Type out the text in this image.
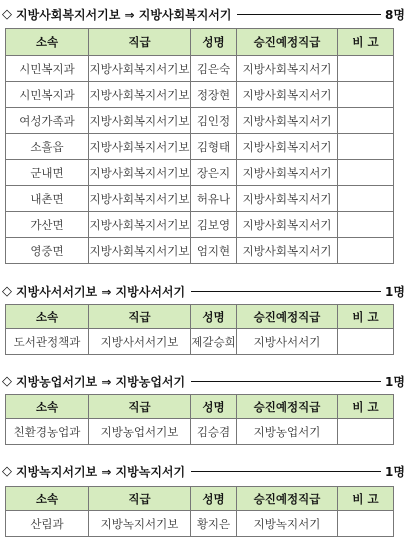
◇ 지방사회복지서기보 ⇒ 지방사회복지서기	8명
소속	직급	성명	승진예정직급	비 고
시민복지과	지방사회복지서기보	김은숙	지방사회복지서기	
시민복지과	지방사회복지서기보	정장현	지방사회복지서기	
여성가족과	지방사회복지서기보	김인정	지방사회복지서기	
소흘읍	지방사회복지서기보	김형태	지방사회복지서기	
군내면	지방사회복지서기보	장은지	지방사회복지서기	
내촌면	지방사회복지서기보	허유나	지방사회복지서기	
가산면	지방사회복지서기보	김보영	지방사회복지서기	
영중면	지방사회복지서기보	엄지현	지방사회복지서기	
◇ 지방사서서기보 ⇒ 지방사서서기	1명
소속	직급	성명	승진예정직급	비 고
도서관정책과	지방사서서기보	제갈승희	지방사서서기	
◇ 지방농업서기보 ⇒ 지방농업서기	1명
소속	직급	성명	승진예정직급	비 고
친환경농업과	지방농업서기보	김승겸	지방농업서기	
◇ 지방녹지서기보 ⇒ 지방녹지서기	1명
소속	직급	성명	승진예정직급	비 고
산림과	지방녹지서기보	황지은	지방녹지서기	
